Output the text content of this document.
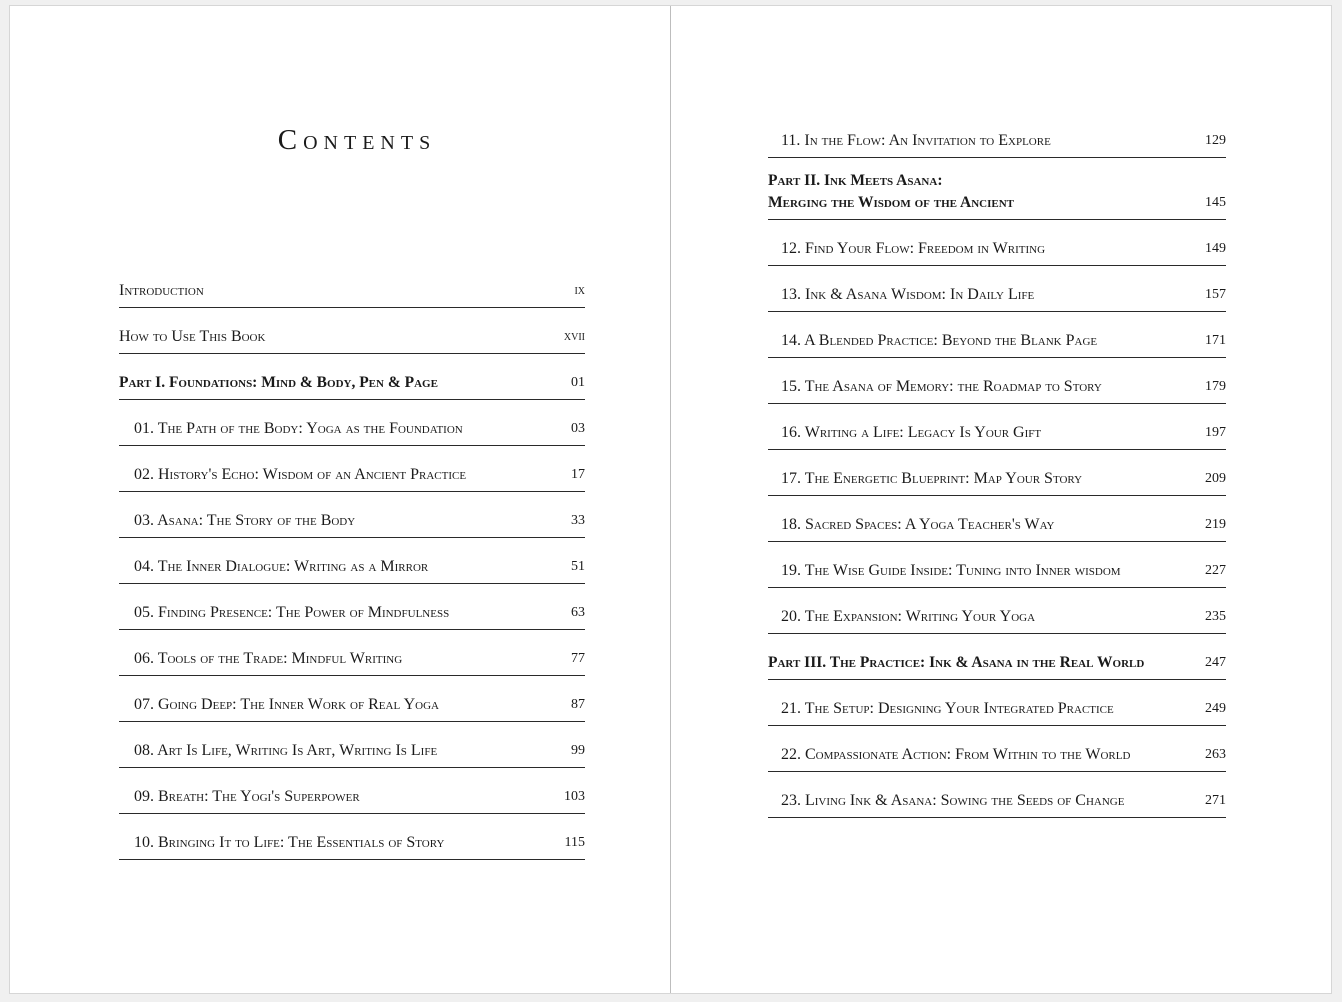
Contents
Introduction	ix
How to Use This Book	xvii
Part I. Foundations: Mind & Body, Pen & Page	01
01. The Path of the Body: Yoga as the Foundation	03
02. History's Echo: Wisdom of an Ancient Practice	17
03. Asana: The Story of the Body	33
04. The Inner Dialogue: Writing as a Mirror	51
05. Finding Presence: The Power of Mindfulness	63
06. Tools of the Trade: Mindful Writing	77
07. Going Deep: The Inner Work of Real Yoga	87
08. Art Is Life, Writing Is Art, Writing Is Life	99
09. Breath: The Yogi's Superpower	103
10. Bringing It to Life: The Essentials of Story	115
11. In the Flow: An Invitation to Explore	129
Part II. Ink Meets Asana:
Merging the Wisdom of the Ancient	145
12. Find Your Flow: Freedom in Writing	149
13. Ink & Asana Wisdom: In Daily Life	157
14. A Blended Practice: Beyond the Blank Page	171
15. The Asana of Memory: the Roadmap to Story	179
16. Writing a Life: Legacy Is Your Gift	197
17. The Energetic Blueprint: Map Your Story	209
18. Sacred Spaces: A Yoga Teacher's Way	219
19. The Wise Guide Inside: Tuning into Inner wisdom	227
20. The Expansion: Writing Your Yoga	235
Part III. The Practice: Ink & Asana in the Real World	247
21. The Setup: Designing Your Integrated Practice	249
22. Compassionate Action: From Within to the World	263
23. Living Ink & Asana: Sowing the Seeds of Change	271
